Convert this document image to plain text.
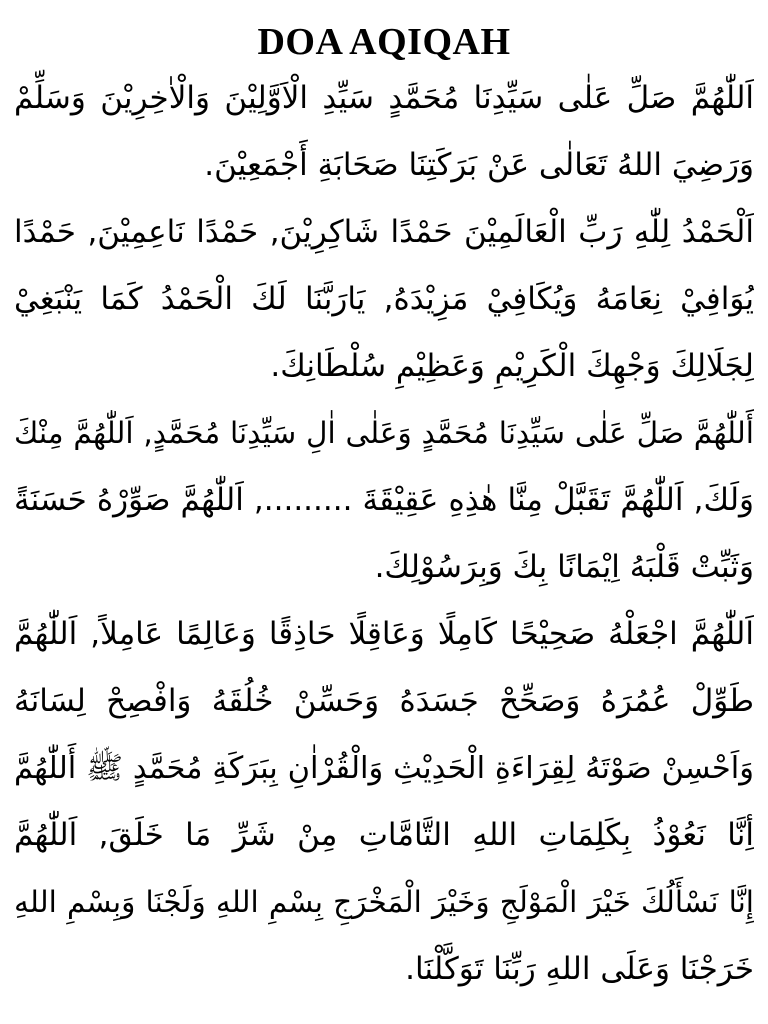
DOA AQIQAH

اَللّٰهُمَّ صَلِّ عَلٰى سَيِّدِنَا مُحَمَّدٍ سَيِّدِ الْاَوَّلِيْنَ وَالْاٰخِرِيْنَ وَسَلِّمْ
وَرَضِيَ اللهُ تَعَالٰى عَنْ بَرَكَتِنَا صَحَابَةِ أَجْمَعِيْنَ.

اَلْحَمْدُ لِلّٰهِ رَبِّ الْعَالَمِيْنَ حَمْدًا شَاكِرِيْنَ, حَمْدًا نَاعِمِيْنَ, حَمْدًا
يُوَافِيْ نِعَامَهُ وَيُكَافِيْ مَزِيْدَهُ, يَارَبَّنَا لَكَ الْحَمْدُ كَمَا يَنْبَغِيْ
لِجَلَالِكَ وَجْهِكَ الْكَرِيْمِ وَعَظِيْمِ سُلْطَانِكَ.

أَللّٰهُمَّ صَلِّ عَلٰى سَيِّدِنَا مُحَمَّدٍ وَعَلٰى اٰلِ سَيِّدِنَا مُحَمَّدٍ, اَللّٰهُمَّ مِنْكَ
وَلَكَ, اَللّٰهُمَّ تَقَبَّلْ مِنَّا هٰذِهِ عَقِيْقَةَ ........., اَللّٰهُمَّ صَوِّرْهُ حَسَنَةً
وَثَبِّتْ قَلْبَهُ اِيْمَانًا بِكَ وَبِرَسُوْلِكَ.

اَللّٰهُمَّ اجْعَلْهُ صَحِيْحًا كَامِلًا وَعَاقِلًا حَاذِقًا وَعَالِمًا عَامِلاً, اَللّٰهُمَّ
طَوِّلْ عُمُرَهُ وَصَحِّحْ جَسَدَهُ وَحَسِّنْ خُلُقَهُ وَافْصِحْ لِسَانَهُ
وَاَحْسِنْ صَوْتَهُ لِقِرَاءَةِ الْحَدِيْثِ وَالْقُرْاٰنِ بِبَرَكَةِ مُحَمَّدٍ ﷺ أَللّٰهُمَّ
أِنَّا نَعُوْذُ بِكَلِمَاتِ اللهِ التَّامَّاتِ مِنْ شَرِّ مَا خَلَقَ, اَللّٰهُمَّ
إِنَّا نَسْأَلُكَ خَيْرَ الْمَوْلَجِ وَخَيْرَ الْمَخْرَجِ بِسْمِ اللهِ وَلَجْنَا وَبِسْمِ اللهِ
خَرَجْنَا وَعَلَى اللهِ رَبِّنَا تَوَكَّلْنَا.
